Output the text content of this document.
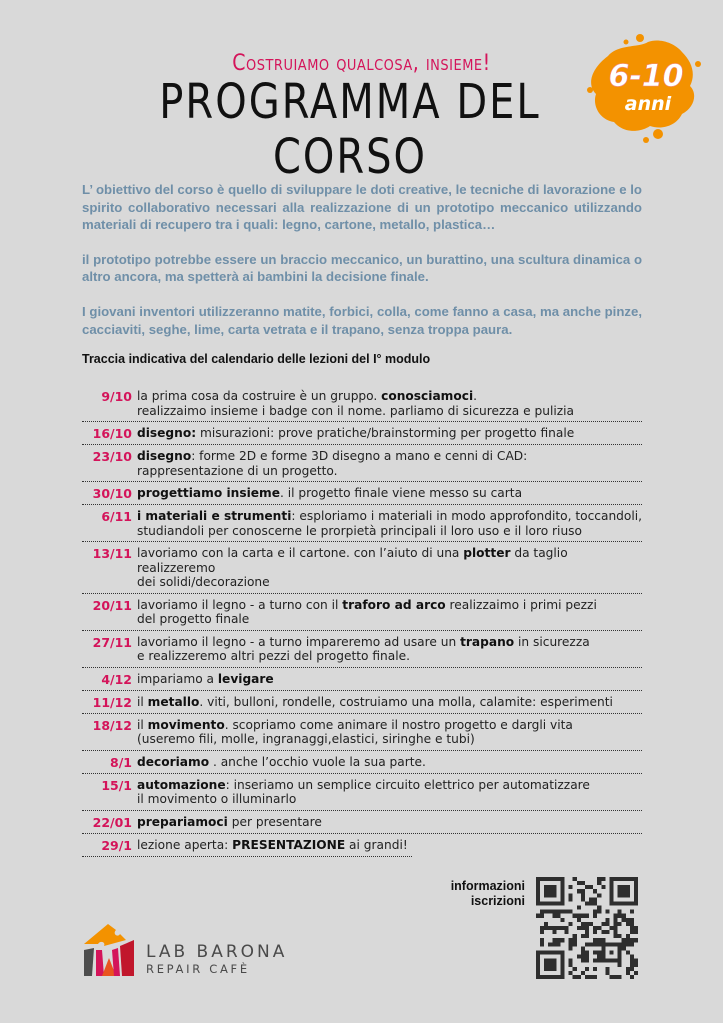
Costruiamo qualcosa, insieme!
PROGRAMMA DEL CORSO
6-10
anni

L’ obiettivo del corso è quello di sviluppare le doti creative, le tecniche di lavorazione e lo spirito collaborativo necessari alla realizzazione di un prototipo meccanico utilizzando materiali di recupero tra i quali: legno, cartone, metallo, plastica…

il prototipo potrebbe essere un braccio meccanico, un burattino, una scultura dinamica o altro ancora, ma spetterà ai bambini la decisione finale.

I giovani inventori utilizzeranno matite, forbici, colla, come fanno a casa, ma anche pinze, cacciaviti, seghe, lime, carta vetrata e il trapano, senza troppa paura.

Traccia indicativa del calendario delle lezioni del I° modulo
9/10 la prima cosa da costruire è un gruppo. conosciamoci.
realizzaimo insieme i badge con il nome. parliamo di sicurezza e pulizia
16/10 disegno: misurazioni: prove pratiche/brainstorming per progetto finale
23/10 disegno: forme 2D e forme 3D disegno a mano e cenni di CAD:
rappresentazione di un progetto.
30/10 progettiamo insieme. il progetto finale viene messo su carta
6/11 i materiali e strumenti: esploriamo i materiali in modo approfondito, toccandoli,
studiandoli per conoscerne le prorpietà principali il loro uso e il loro riuso
13/11 lavoriamo con la carta e il cartone. con l’aiuto di una plotter da taglio realizzeremo
dei solidi/decorazione
20/11 lavoriamo il legno - a turno con il traforo ad arco realizzaimo i primi pezzi
del progetto finale
27/11 lavoriamo il legno - a turno impareremo ad usare un trapano in sicurezza
e realizzeremo altri pezzi del progetto finale.
4/12 impariamo a levigare
11/12 il metallo. viti, bulloni, rondelle, costruiamo una molla, calamite: esperimenti
18/12 il movimento. scopriamo come animare il nostro progetto e dargli vita
(useremo fili, molle, ingranaggi,elastici, siringhe e tubi)
8/1 decoriamo . anche l’occhio vuole la sua parte.
15/1 automazione: inseriamo un semplice circuito elettrico per automatizzare
il movimento o illuminarlo
22/01 prepariamoci per presentare
29/1 lezione aperta: PRESENTAZIONE ai grandi!
informazioni
iscrizioni
LAB BARONA
REPAIR CAFÈ
